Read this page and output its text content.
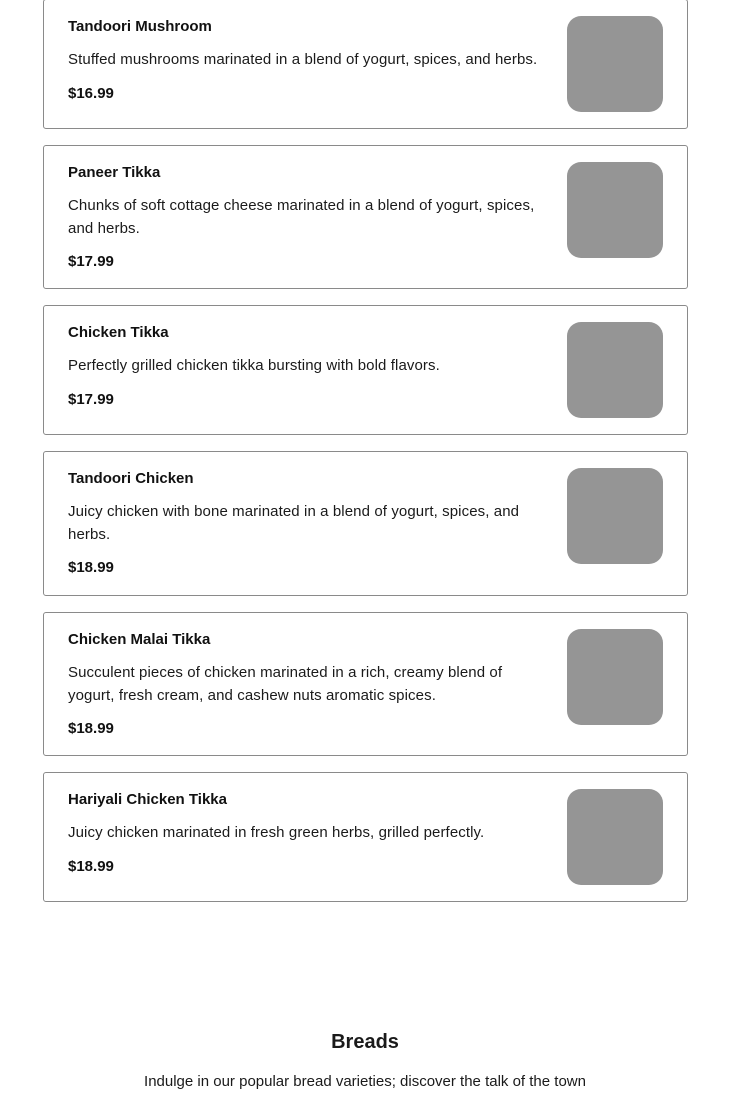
Tandoori Mushroom
Stuffed mushrooms marinated in a blend of yogurt, spices, and herbs.
$16.99
Paneer Tikka
Chunks of soft cottage cheese marinated in a blend of yogurt, spices, and herbs.
$17.99
Chicken Tikka
Perfectly grilled chicken tikka bursting with bold flavors.
$17.99
Tandoori Chicken
Juicy chicken with bone marinated in a blend of yogurt, spices, and herbs.
$18.99
Chicken Malai Tikka
Succulent pieces of chicken marinated in a rich, creamy blend of yogurt, fresh cream, and cashew nuts aromatic spices.
$18.99
Hariyali Chicken Tikka
Juicy chicken marinated in fresh green herbs, grilled perfectly.
$18.99
Breads

Indulge in our popular bread varieties; discover the talk of the town
